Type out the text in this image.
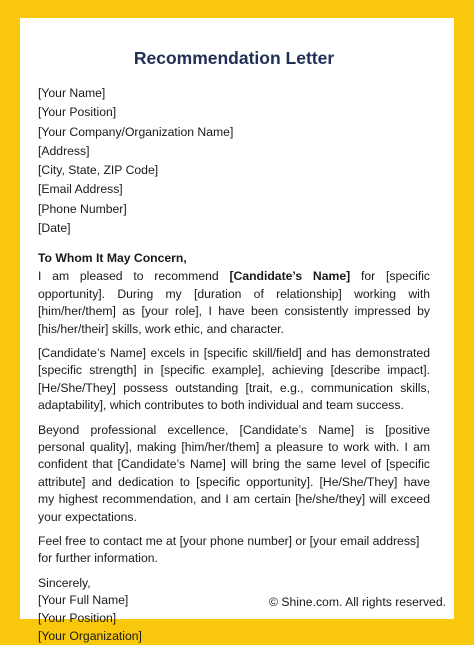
Recommendation Letter
[Your Name]
[Your Position]
[Your Company/Organization Name]
[Address]
[City, State, ZIP Code]
[Email Address]
[Phone Number]
[Date]
To Whom It May Concern,

I am pleased to recommend [Candidate’s Name] for [specific opportunity]. During my [duration of relationship] working with [him/her/them] as [your role], I have been consistently impressed by [his/her/their] skills, work ethic, and character.

[Candidate’s Name] excels in [specific skill/field] and has demonstrated [specific strength] in [specific example], achieving [describe impact]. [He/She/They] possess outstanding [trait, e.g., communication skills, adaptability], which contributes to both individual and team success.

Beyond professional excellence, [Candidate’s Name] is [positive personal quality], making [him/her/them] a pleasure to work with. I am confident that [Candidate’s Name] will bring the same level of [specific attribute] and dedication to [specific opportunity]. [He/She/They] have my highest recommendation, and I am certain [he/she/they] will exceed your expectations.

Feel free to contact me at [your phone number] or [your email address] for further information.

Sincerely,
[Your Full Name]
[Your Position]
[Your Organization]
© Shine.com. All rights reserved.
